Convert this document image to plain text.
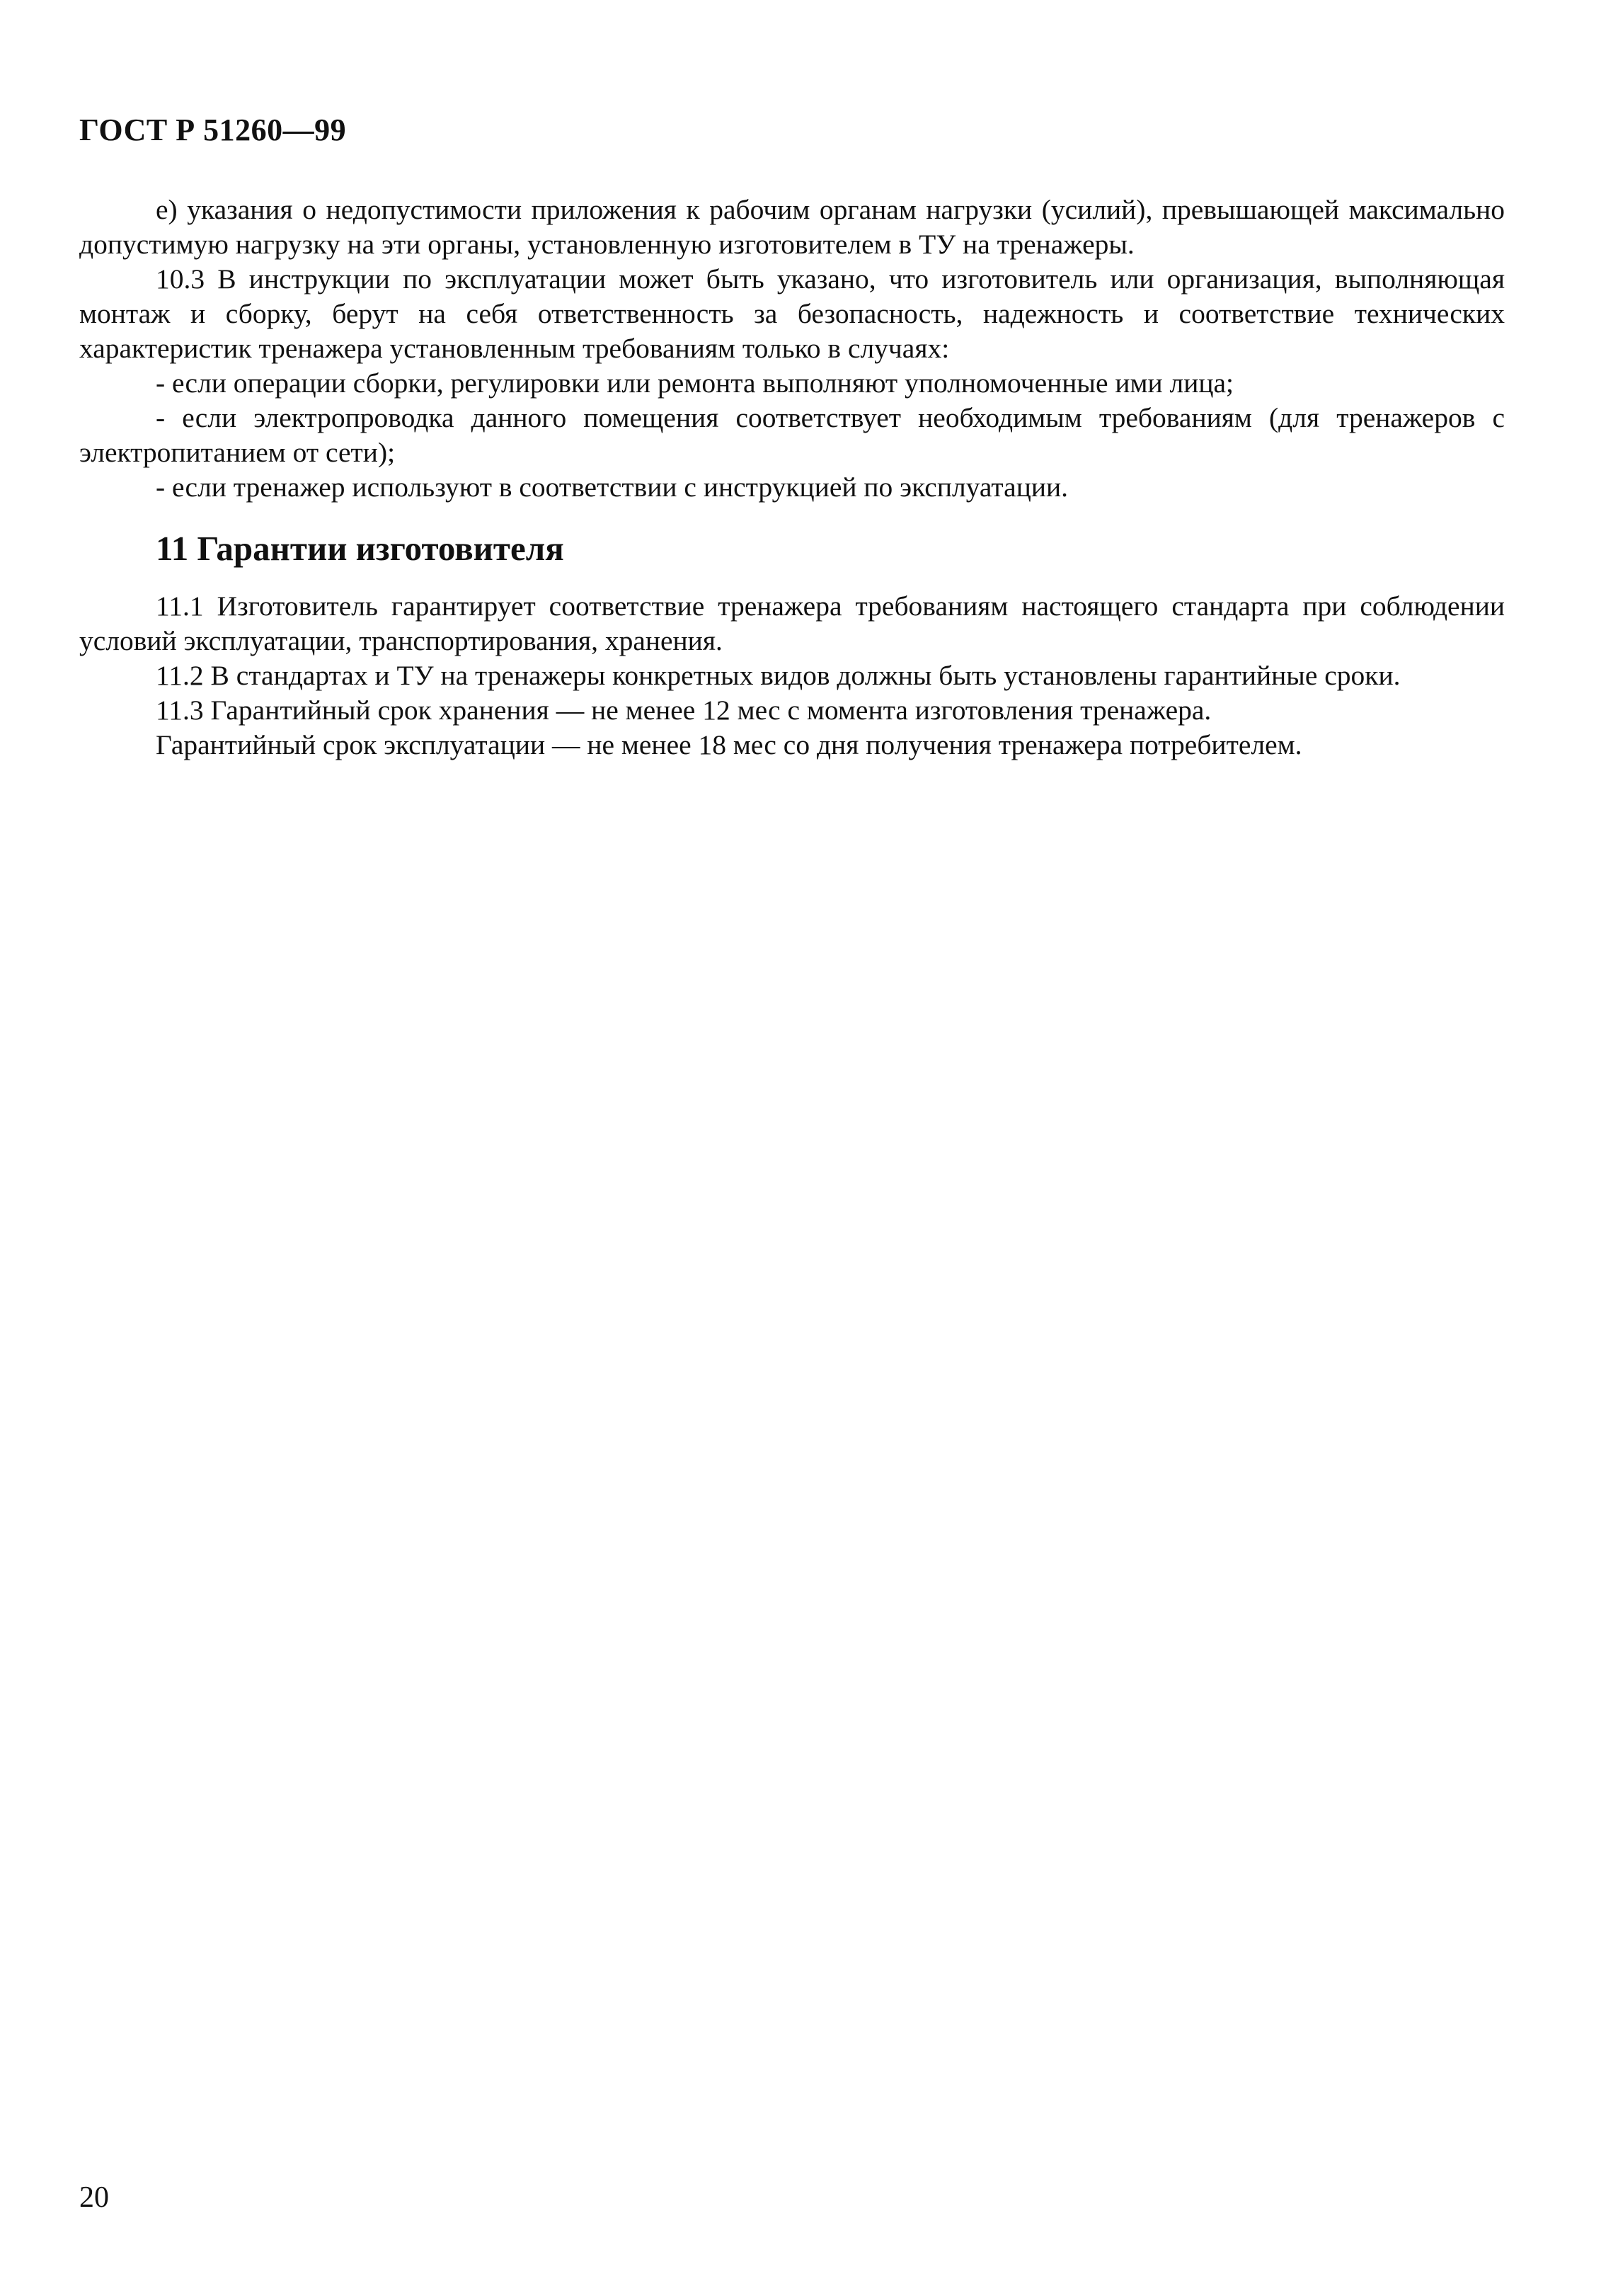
ГОСТ Р 51260—99

е) указания о недопустимости приложения к рабочим органам нагрузки (усилий), превышающей максимально допустимую нагрузку на эти органы, установленную изготовителем в ТУ на тренажеры.

10.3 В инструкции по эксплуатации может быть указано, что изготовитель или организация, выполняющая монтаж и сборку, берут на себя ответственность за безопасность, надежность и соответствие технических характеристик тренажера установленным требованиям только в случаях:

- если операции сборки, регулировки или ремонта выполняют уполномоченные ими лица;

- если электропроводка данного помещения соответствует необходимым требованиям (для тренажеров с электропитанием от сети);

- если тренажер используют в соответствии с инструкцией по эксплуатации.

11 Гарантии изготовителя

11.1 Изготовитель гарантирует соответствие тренажера требованиям настоящего стандарта при соблюдении условий эксплуатации, транспортирования, хранения.

11.2 В стандартах и ТУ на тренажеры конкретных видов должны быть установлены гарантийные сроки.

11.3 Гарантийный срок хранения — не менее 12 мес с момента изготовления тренажера.

Гарантийный срок эксплуатации — не менее 18 мес со дня получения тренажера потребителем.

20
